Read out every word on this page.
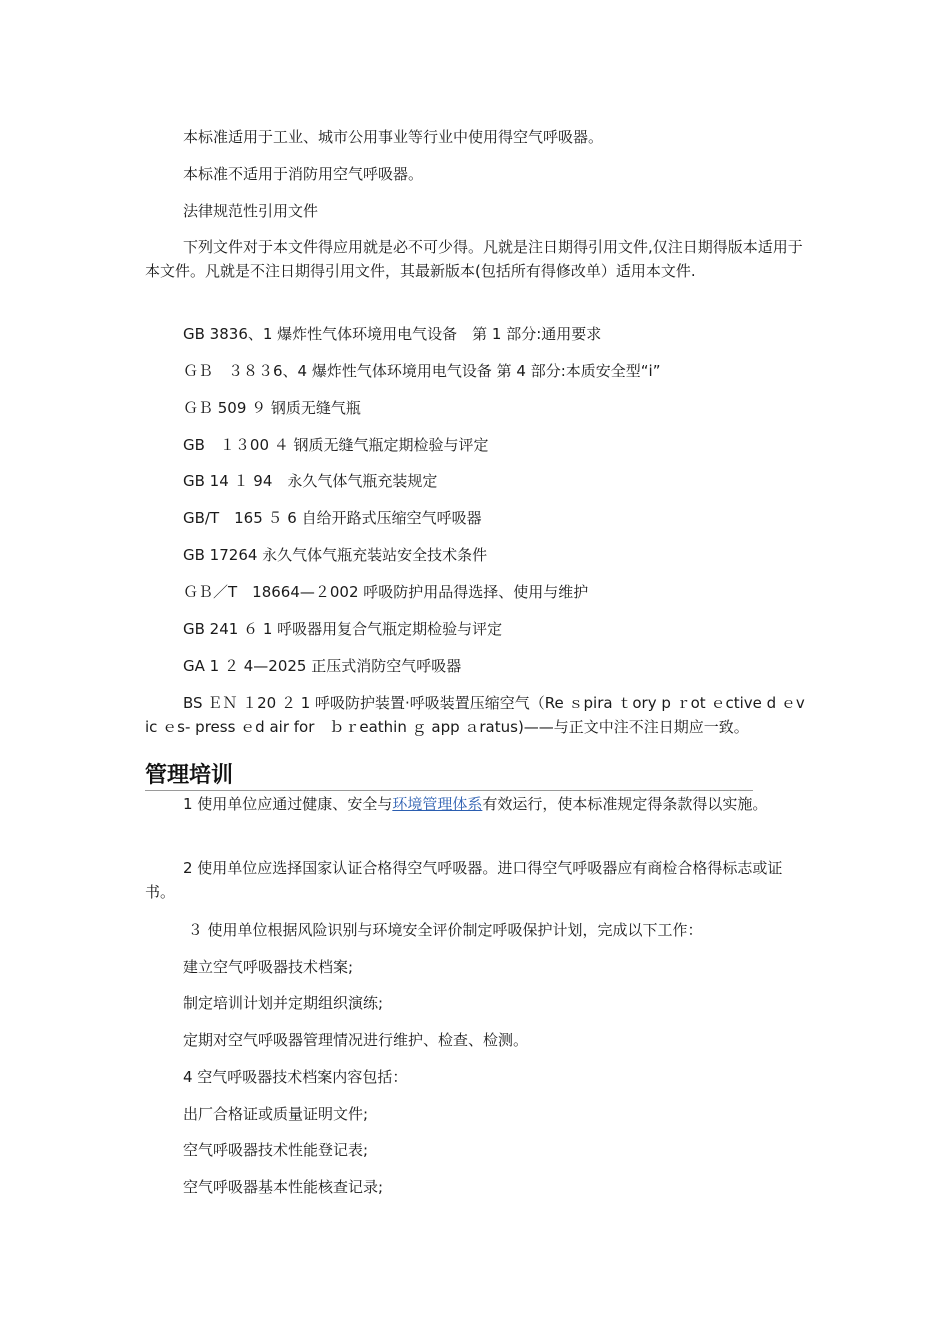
本标准适用于工业、城市公用事业等行业中使用得空气呼吸器。

本标准不适用于消防用空气呼吸器。

法律规范性引用文件

下列文件对于本文件得应用就是必不可少得。凡就是注日期得引用文件,仅注日期得版本适用于本文件。凡就是不注日期得引用文件，其最新版本(包括所有得修改单）适用本文件.

GB 3836、1 爆炸性气体环境用电气设备　第 1 部分:通用要求

ＧＢ　３８３6、4 爆炸性气体环境用电气设备 第 4 部分:本质安全型“i”

ＧＢ 509 ９ 钢质无缝气瓶

GB　１３00 ４ 钢质无缝气瓶定期检验与评定

GB 14 １ 94　永久气体气瓶充装规定

GB/T　165 ５ 6 自给开路式压缩空气呼吸器

GB 17264 永久气体气瓶充装站安全技术条件

ＧＢ／T　18664—２002 呼吸防护用品得选择、使用与维护

GB 241 ６ 1 呼吸器用复合气瓶定期检验与评定

GA 1 ２ 4—2025 正压式消防空气呼吸器

BS ＥＮ １20 ２ 1 呼吸防护装置·呼吸装置压缩空气（Re ｓpira ｔory p ｒot ｅctive d ｅvic ｅs- press ｅd air for　ｂｒeathin ｇ app ａratus)——与正文中注不注日期应一致。

管理培训

1 使用单位应通过健康、安全与环境管理体系有效运行，使本标准规定得条款得以实施。

2 使用单位应选择国家认证合格得空气呼吸器。进口得空气呼吸器应有商检合格得标志或证书。

３ 使用单位根据风险识别与环境安全评价制定呼吸保护计划，完成以下工作：

建立空气呼吸器技术档案;

制定培训计划并定期组织演练;

定期对空气呼吸器管理情况进行维护、检查、检测。

4 空气呼吸器技术档案内容包括：

出厂合格证或质量证明文件;

空气呼吸器技术性能登记表;

空气呼吸器基本性能核查记录;
